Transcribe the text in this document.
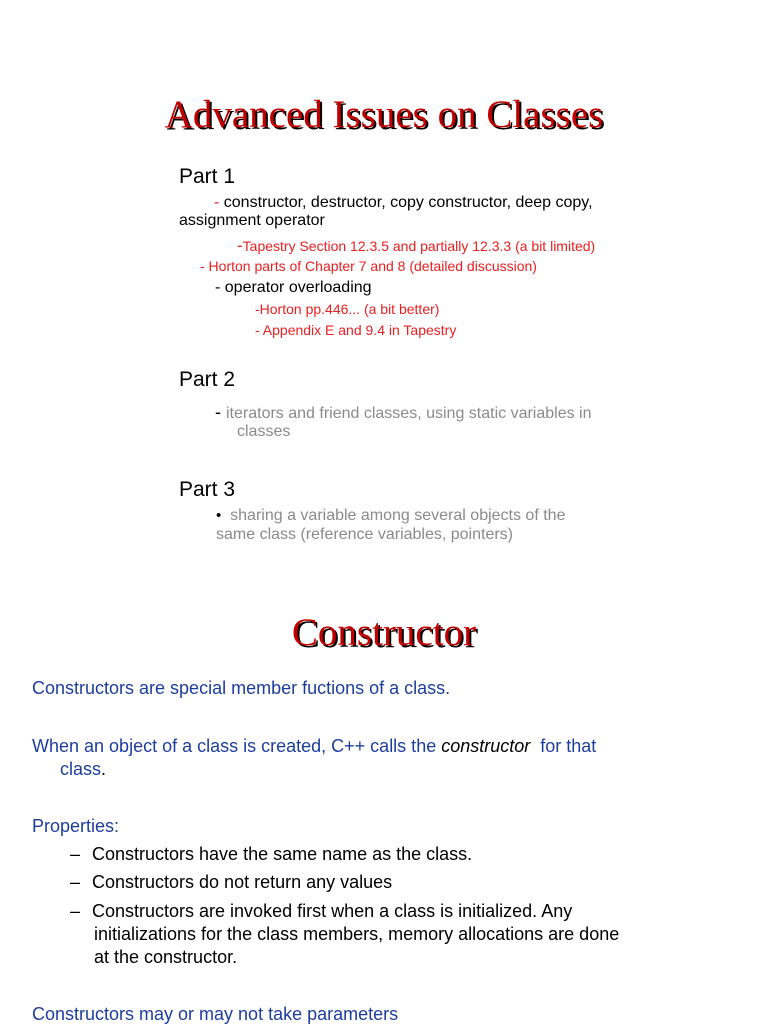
Advanced Issues on Classes
Part 1
- constructor, destructor, copy constructor, deep copy,
assignment operator
-Tapestry Section 12.3.5 and partially 12.3.3 (a bit limited)
- Horton parts of Chapter 7 and 8 (detailed discussion)
- operator overloading
-Horton pp.446... (a bit better)
- Appendix E and 9.4 in Tapestry
Part 2
- iterators and friend classes, using static variables in
classes
Part 3
• sharing a variable among several objects of the
same class (reference variables, pointers)
Constructor
Constructors are special member fuctions of a class.
When an object of a class is created, C++ calls the constructor  for that
class.
Properties:
– Constructors have the same name as the class.
– Constructors do not return any values
– Constructors are invoked first when a class is initialized. Any
initializations for the class members, memory allocations are done
at the constructor.
Constructors may or may not take parameters
